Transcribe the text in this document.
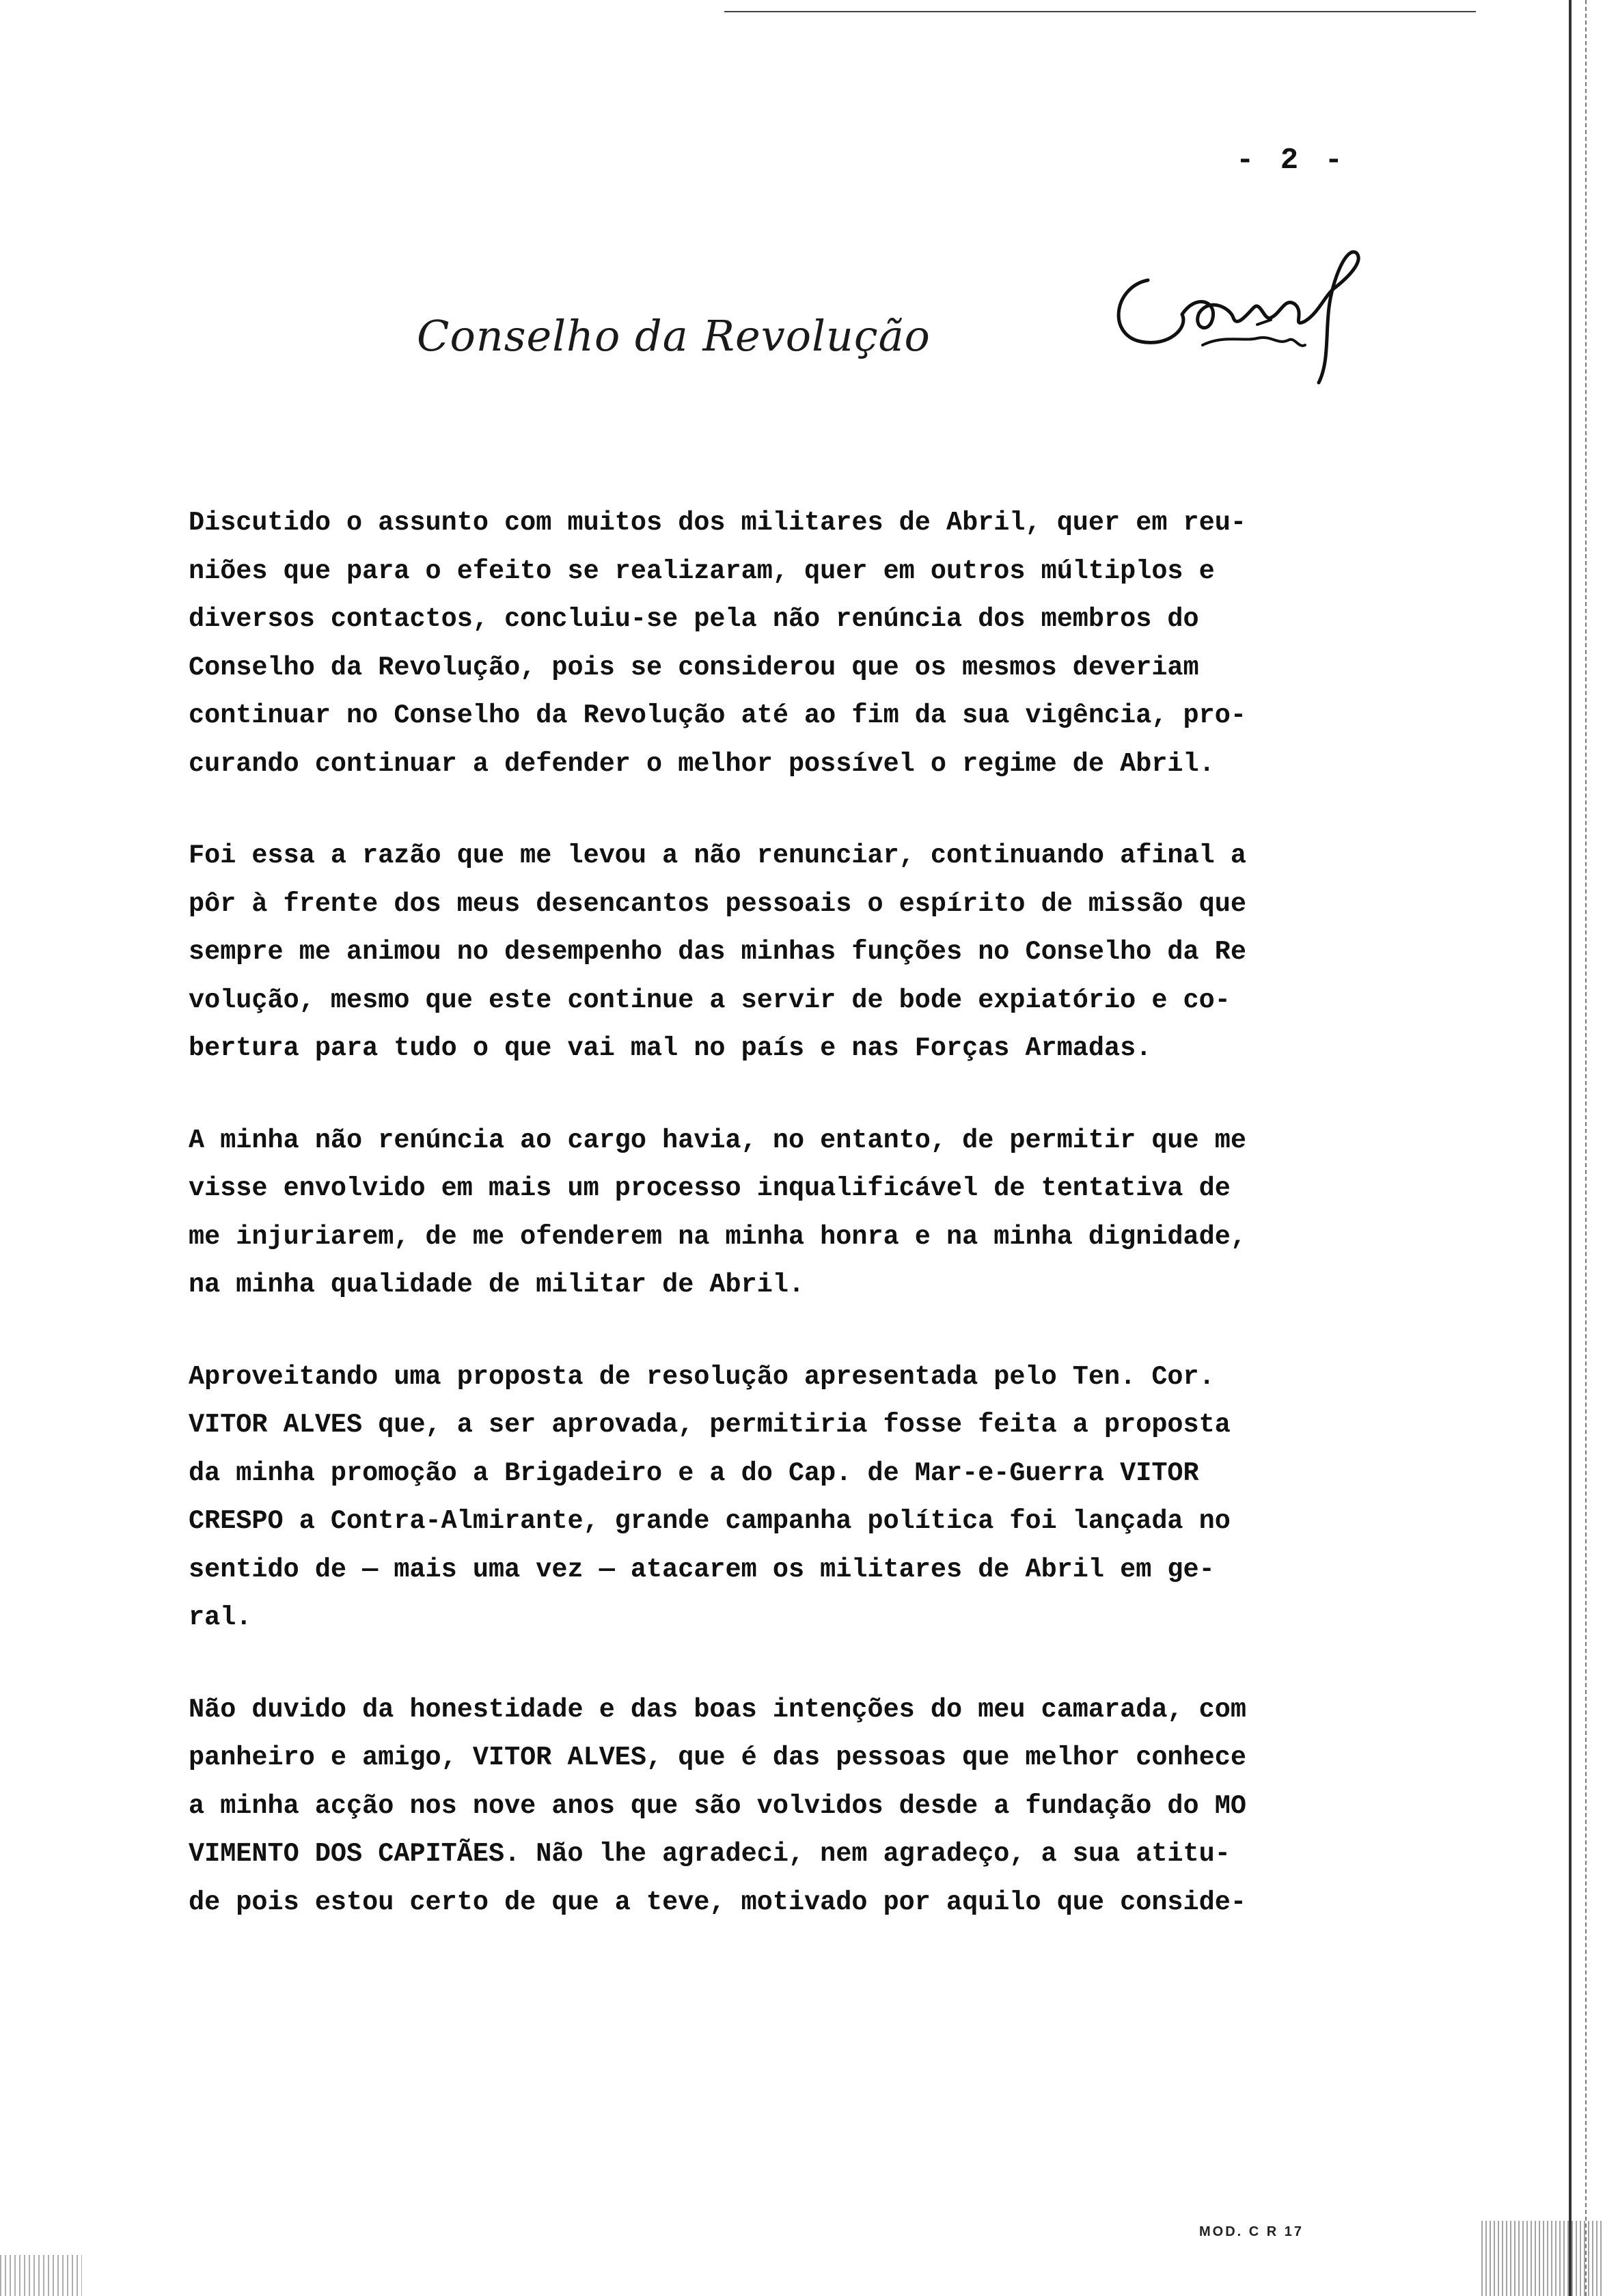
- 2 -
Conselho da Revolução

Discutido o assunto com muitos dos militares de Abril, quer em reu-
niões que para o efeito se realizaram, quer em outros múltiplos e
diversos contactos, concluiu-se pela não renúncia dos membros do
Conselho da Revolução, pois se considerou que os mesmos deveriam
continuar no Conselho da Revolução até ao fim da sua vigência, pro-
curando continuar a defender o melhor possível o regime de Abril.

Foi essa a razão que me levou a não renunciar, continuando afinal a
pôr à frente dos meus desencantos pessoais o espírito de missão que
sempre me animou no desempenho das minhas funções no Conselho da Re
volução, mesmo que este continue a servir de bode expiatório e co-
bertura para tudo o que vai mal no país e nas Forças Armadas.

A minha não renúncia ao cargo havia, no entanto, de permitir que me
visse envolvido em mais um processo inqualificável de tentativa de
me injuriarem, de me ofenderem na minha honra e na minha dignidade,
na minha qualidade de militar de Abril.

Aproveitando uma proposta de resolução apresentada pelo Ten. Cor.
VITOR ALVES que, a ser aprovada, permitiria fosse feita a proposta
da minha promoção a Brigadeiro e a do Cap. de Mar-e-Guerra VITOR
CRESPO a Contra-Almirante, grande campanha política foi lançada no
sentido de — mais uma vez — atacarem os militares de Abril em ge-
ral.

Não duvido da honestidade e das boas intenções do meu camarada, com
panheiro e amigo, VITOR ALVES, que é das pessoas que melhor conhece
a minha acção nos nove anos que são volvidos desde a fundação do MO
VIMENTO DOS CAPITÃES. Não lhe agradeci, nem agradeço, a sua atitu-
de pois estou certo de que a teve, motivado por aquilo que conside-

MOD. C R 17
